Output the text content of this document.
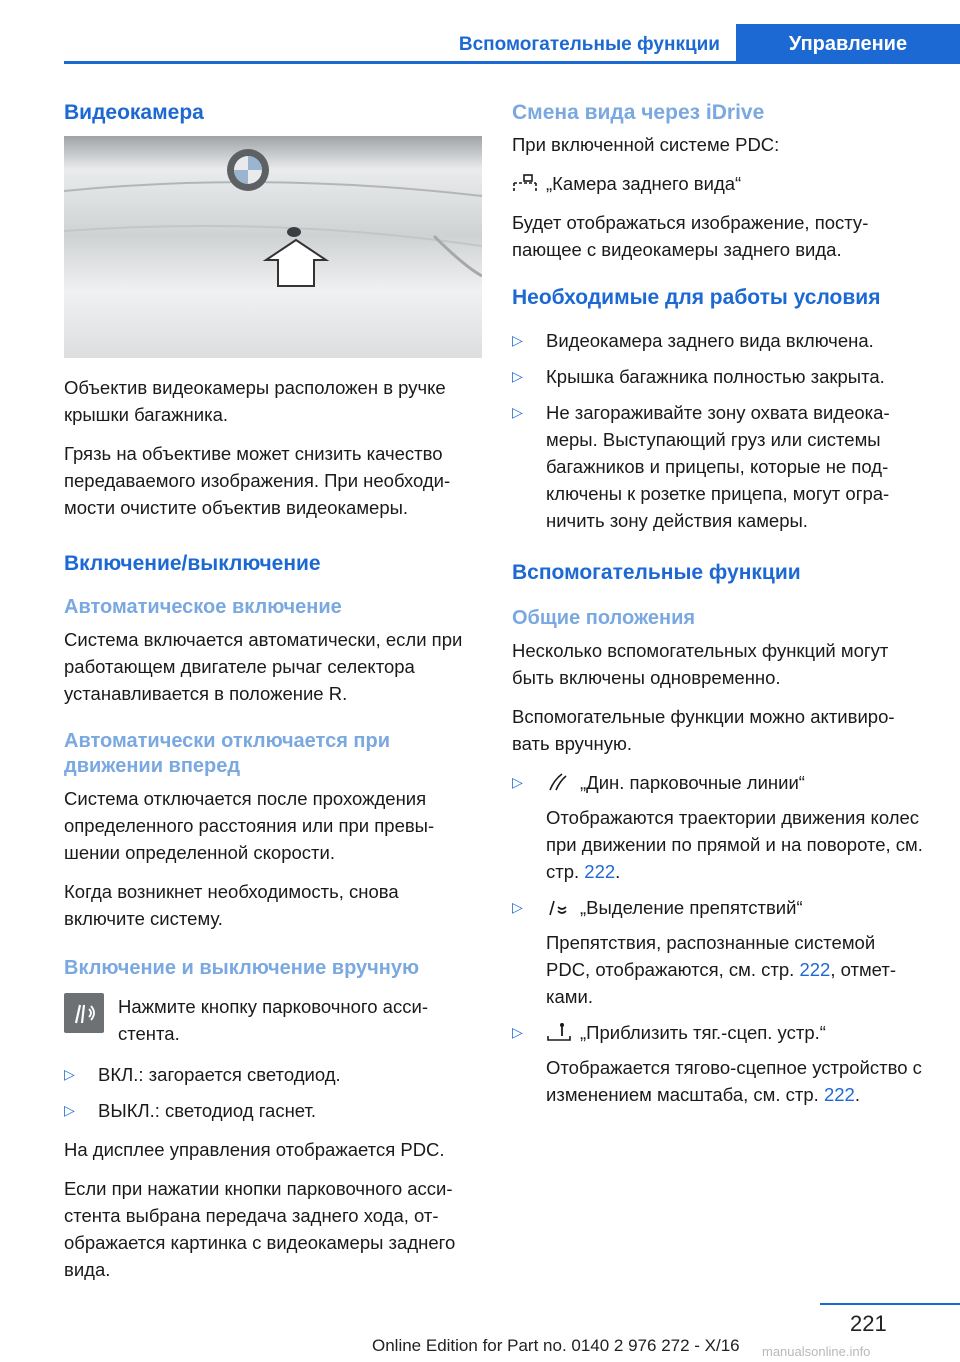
Вспомогательные функции	Управление
Видеокамера

Объектив видеокамеры расположен в ручке крышки багажника.

Грязь на объективе может снизить качество передаваемого изображения. При необходимости очистите объектив видеокамеры.

Включение/выключение
Автоматическое включение

Система включается автоматически, если при работающем двигателе рычаг селектора устанавливается в положение R.

Автоматически отключается при движении вперед

Система отключается после прохождения определенного расстояния или при превышении определенной скорости.

Когда возникнет необходимость, снова включите систему.

Включение и выключение вручную

Нажмите кнопку парковочного ассистента.

▷ ВКЛ.: загорается светодиод.
▷ ВЫКЛ.: светодиод гаснет.

На дисплее управления отображается PDC.

Если при нажатии кнопки парковочного ассистента выбрана передача заднего хода, отображается картинка с видеокамеры заднего вида.

Смена вида через iDrive

При включенной системе PDC:

„Камера заднего вида“

Будет отображаться изображение, поступающее с видеокамеры заднего вида.

Необходимые для работы условия
▷ Видеокамера заднего вида включена.
▷ Крышка багажника полностью закрыта.
▷ Не загораживайте зону охвата видеокамеры. Выступающий груз или системы багажников и прицепы, которые не подключены к розетке прицепа, могут ограничить зону действия камеры.
Вспомогательные функции
Общие положения

Несколько вспомогательных функций могут быть включены одновременно.

Вспомогательные функции можно активировать вручную.

▷	„Дин. парковочные линии“
Отображаются траектории движения колес при движении по прямой и на повороте, см. стр. 222.
▷	„Выделение препятствий“
Препятствия, распознанные системой PDC, отображаются, см. стр. 222, отметками.
▷	„Приблизить тяг.-сцеп. устр.“
Отображается тягово-сцепное устройство с изменением масштаба, см. стр. 222.
221
Online Edition for Part no. 0140 2 976 272 - X/16 manualsonline.info
